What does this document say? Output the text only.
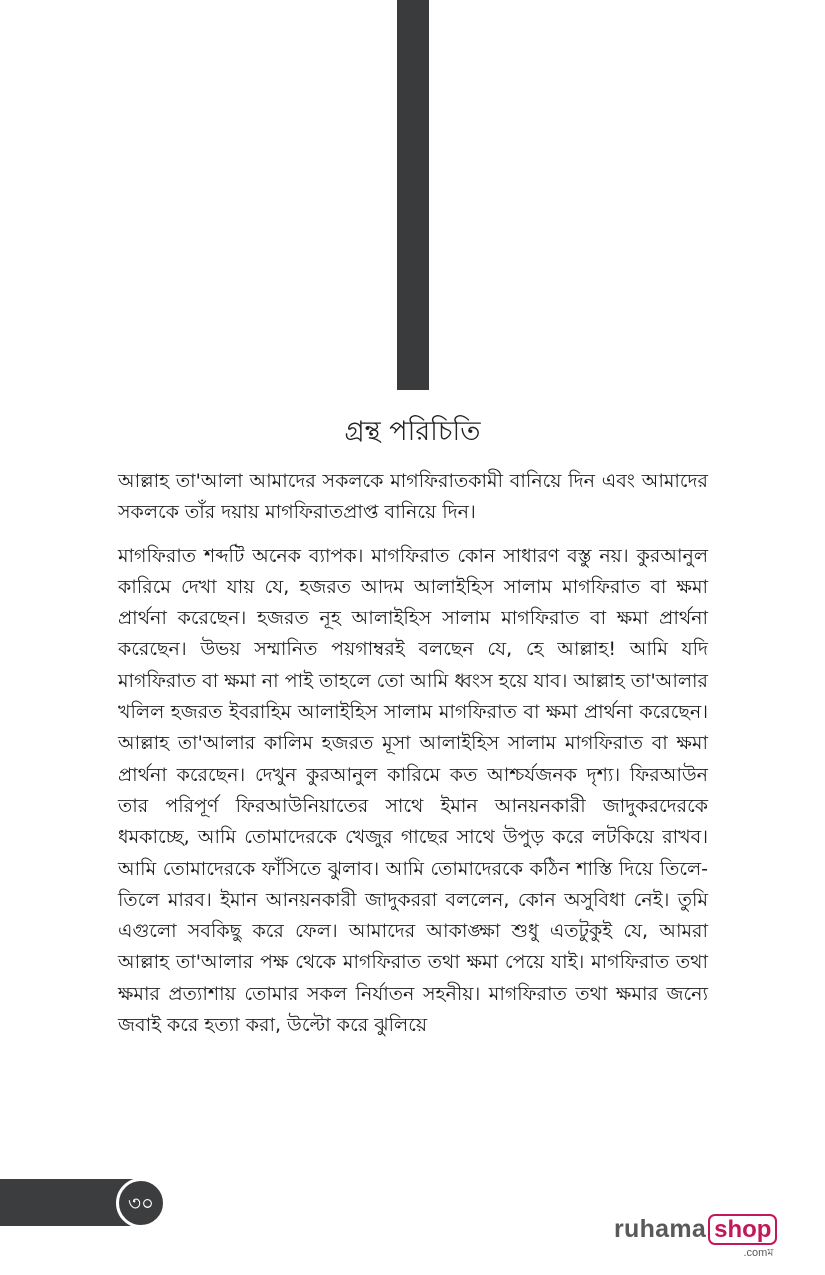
গ্রন্থ পরিচিতি

আল্লাহ তা'আলা আমাদের সকলকে মাগফিরাতকামী বানিয়ে দিন এবং আমাদের সকলকে তাঁর দয়ায় মাগফিরাতপ্রাপ্ত বানিয়ে দিন।

মাগফিরাত শব্দটি অনেক ব্যাপক। মাগফিরাত কোন সাধারণ বস্তু নয়। কুরআনুল কারিমে দেখা যায় যে, হজরত আদম আলাইহিস সালাম মাগফিরাত বা ক্ষমা প্রার্থনা করেছেন। হজরত নূহ আলাইহিস সালাম মাগফিরাত বা ক্ষমা প্রার্থনা করেছেন। উভয় সম্মানিত পয়গাম্বরই বলছেন যে, হে আল্লাহ! আমি যদি মাগফিরাত বা ক্ষমা না পাই তাহলে তো আমি ধ্বংস হয়ে যাব। আল্লাহ তা'আলার খলিল হজরত ইবরাহিম আলাইহিস সালাম মাগফিরাত বা ক্ষমা প্রার্থনা করেছেন। আল্লাহ তা'আলার কালিম হজরত মূসা আলাইহিস সালাম মাগফিরাত বা ক্ষমা প্রার্থনা করেছেন। দেখুন কুরআনুল কারিমে কত আশ্চর্যজনক দৃশ্য। ফিরআউন তার পরিপূর্ণ ফিরআউনিয়াতের সাথে ইমান আনয়নকারী জাদুকরদেরকে ধমকাচ্ছে, আমি তোমাদেরকে খেজুর গাছের সাথে উপুড় করে লটকিয়ে রাখব। আমি তোমাদেরকে ফাঁসিতে ঝুলাব। আমি তোমাদেরকে কঠিন শাস্তি দিয়ে তিলে-তিলে মারব। ইমান আনয়নকারী জাদুকররা বললেন, কোন অসুবিধা নেই। তুমি এগুলো সবকিছু করে ফেল। আমাদের আকাঙ্ক্ষা শুধু এতটুকুই যে, আমরা আল্লাহ তা'আলার পক্ষ থেকে মাগফিরাত তথা ক্ষমা পেয়ে যাই। মাগফিরাত তথা ক্ষমার প্রত্যাশায় তোমার সকল নির্যাতন সহনীয়। মাগফিরাত তথা ক্ষমার জন্যে জবাই করে হত্যা করা, উল্টো করে ঝুলিয়ে

৩০
ruhama shop
.comম
